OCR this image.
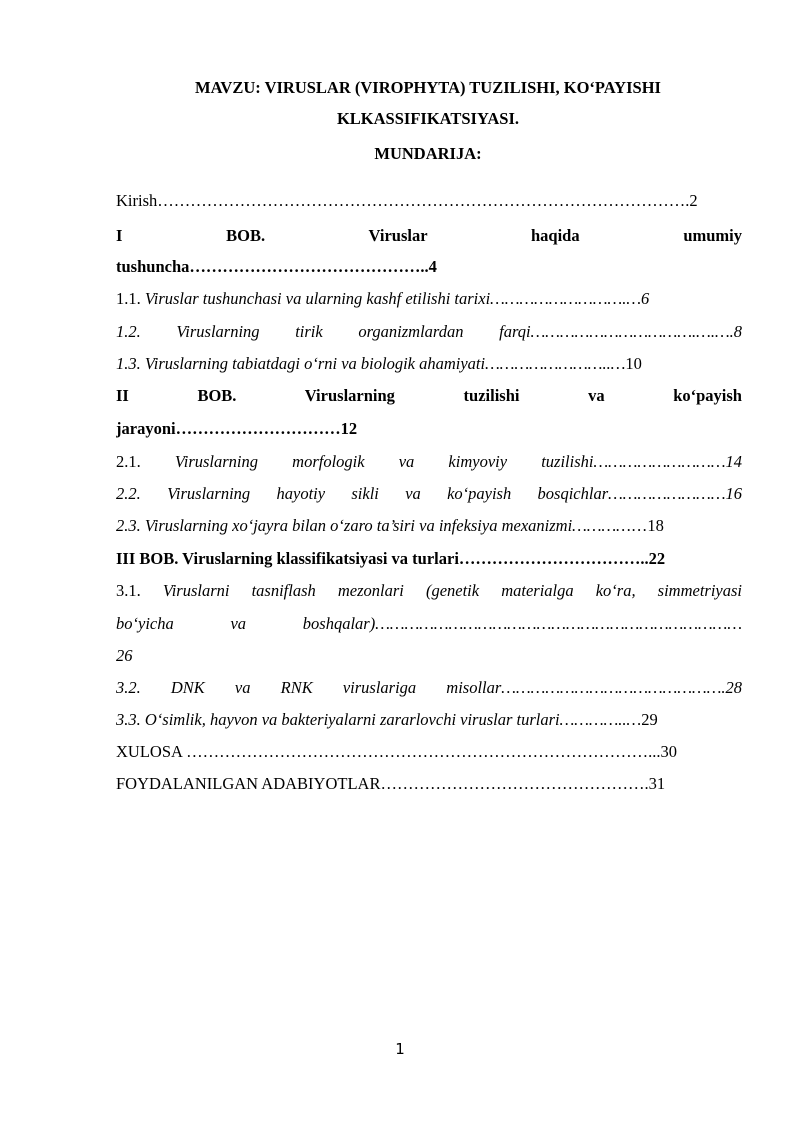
MAVZU: VIRUSLAR (VIROPHYTA) TUZILISHI, KO‘PAYISHI
KLKASSIFIKATSIYASI.
MUNDARIJA:
Kirish…………………………………………………………………………………….2
I BOB. Viruslar haqida umumiy
tushuncha……………………………………..4
1.1. Viruslar tushunchasi va ularning kashf etilishi tarixi……………………….…6
1.2. Viruslarning tirik organizmlardan farqi…………………………….….….8
1.3. Viruslarning tabiatdagi o‘rni va biologik ahamiyati……………………..…10
II BOB. Viruslarning tuzilishi va ko‘payish
jarayoni…………………………12
2.1. Viruslarning morfologik va kimyoviy tuzilishi………………………14
2.2. Viruslarning hayotiy sikli va ko‘payish bosqichlar……………………16
2.3. Viruslarning xo‘jayra bilan o‘zaro ta’siri va infeksiya mexanizmi……………18
III BOB. Viruslarning klassifikatsiyasi va turlari……………………………..22
3.1. Viruslarni tasniflash mezonlari (genetik materialga ko‘ra, simmetriyasi
bo‘yicha va boshqalar)…………………………………………………………………
26
3.2. DNK va RNK viruslariga misollar……………………………………….28
3.3. O‘simlik, hayvon va bakteriyalarni zararlovchi viruslar turlari…………..…29
XULOSA …………………………………………………………………………...30
FOYDALANILGAN ADABIYOTLAR………………………………………….31
1
